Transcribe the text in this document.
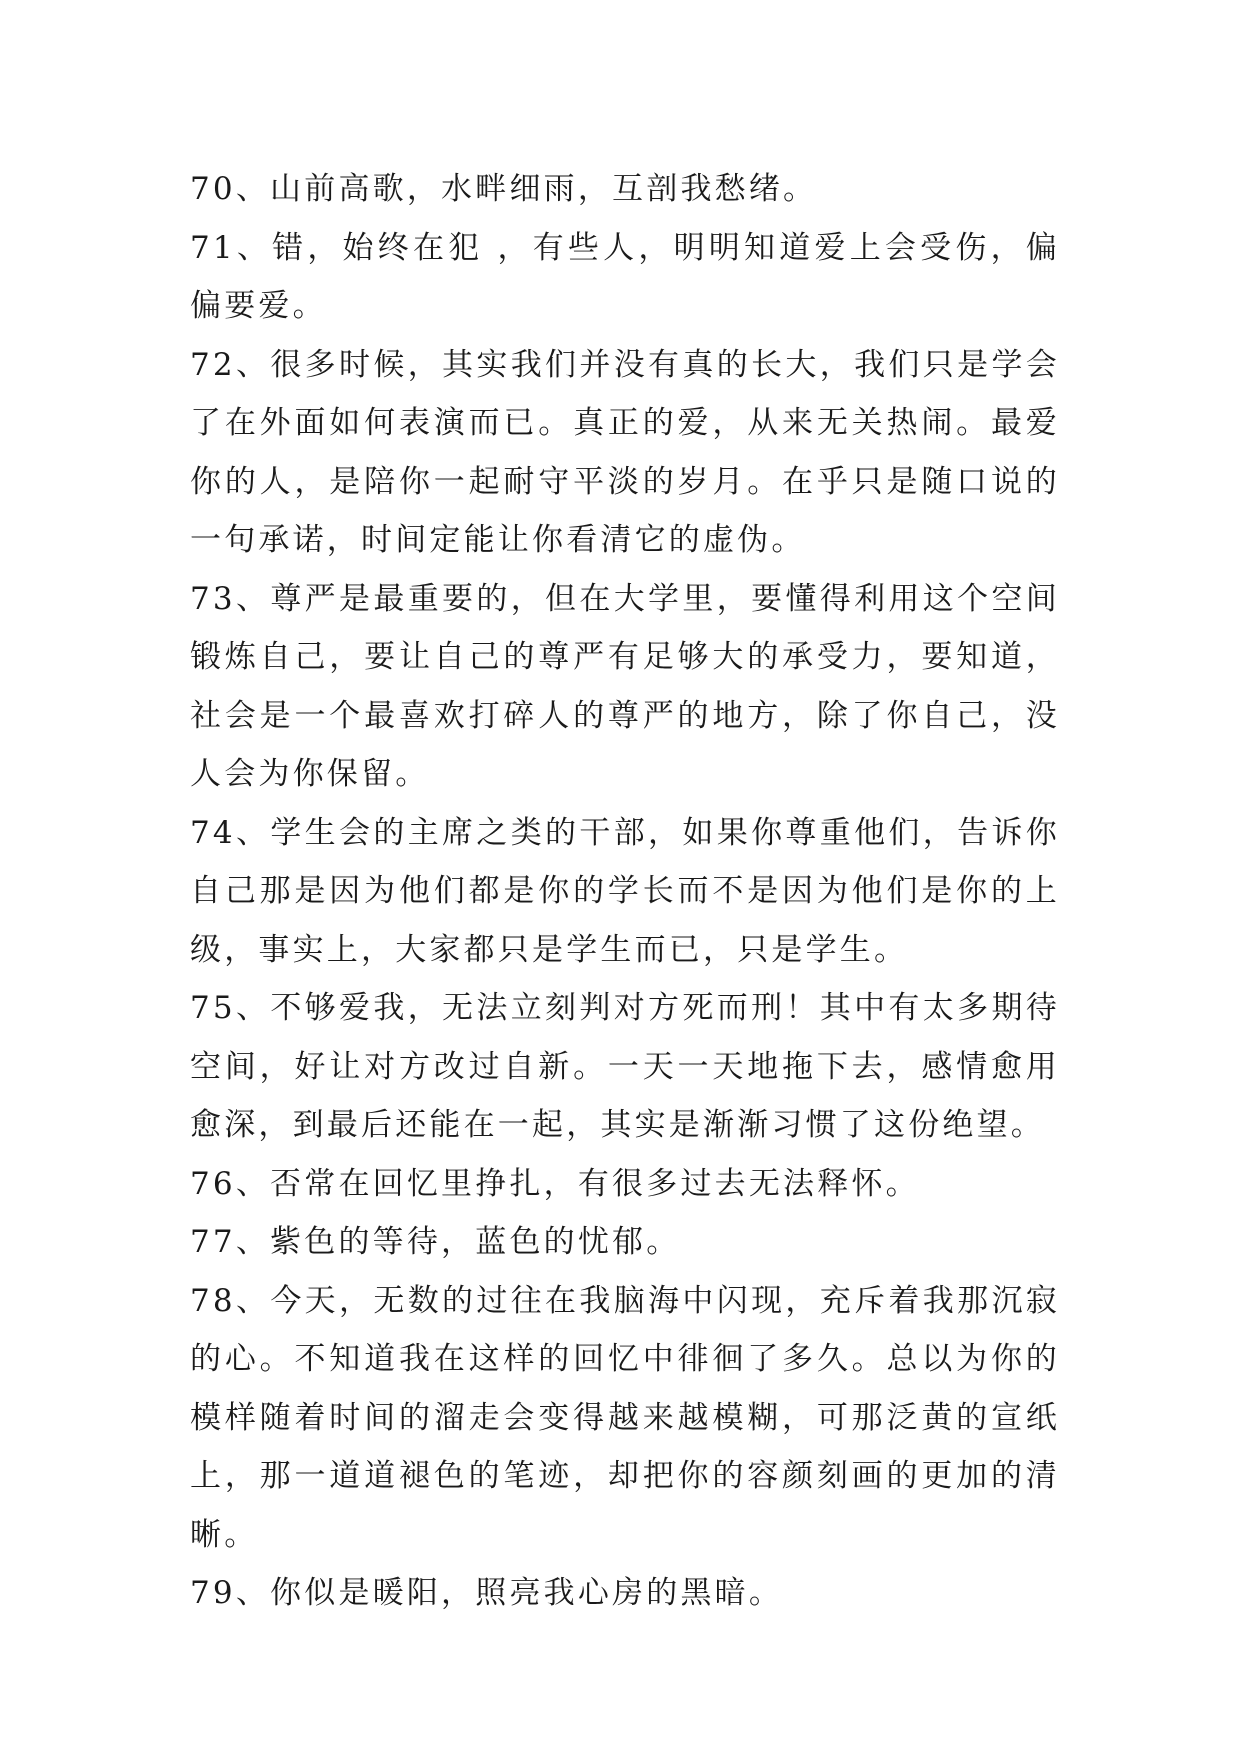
70、山前高歌，水畔细雨，互剖我愁绪。

71、错，始终在犯 ，有些人，明明知道爱上会受伤，偏偏要爱。

72、很多时候，其实我们并没有真的长大，我们只是学会了在外面如何表演而已。真正的爱，从来无关热闹。最爱你的人，是陪你一起耐守平淡的岁月。在乎只是随口说的一句承诺，时间定能让你看清它的虚伪。

73、尊严是最重要的，但在大学里，要懂得利用这个空间锻炼自己，要让自己的尊严有足够大的承受力，要知道，社会是一个最喜欢打碎人的尊严的地方，除了你自己，没人会为你保留。

74、学生会的主席之类的干部，如果你尊重他们，告诉你自己那是因为他们都是你的学长而不是因为他们是你的上级，事实上，大家都只是学生而已，只是学生。

75、不够爱我，无法立刻判对方死而刑！其中有太多期待空间，好让对方改过自新。一天一天地拖下去，感情愈用愈深，到最后还能在一起，其实是渐渐习惯了这份绝望。

76、否常在回忆里挣扎，有很多过去无法释怀。

77、紫色的等待，蓝色的忧郁。

78、今天，无数的过往在我脑海中闪现，充斥着我那沉寂的心。不知道我在这样的回忆中徘徊了多久。总以为你的模样随着时间的溜走会变得越来越模糊，可那泛黄的宣纸上，那一道道褪色的笔迹，却把你的容颜刻画的更加的清晰。

79、你似是暖阳，照亮我心房的黑暗。
